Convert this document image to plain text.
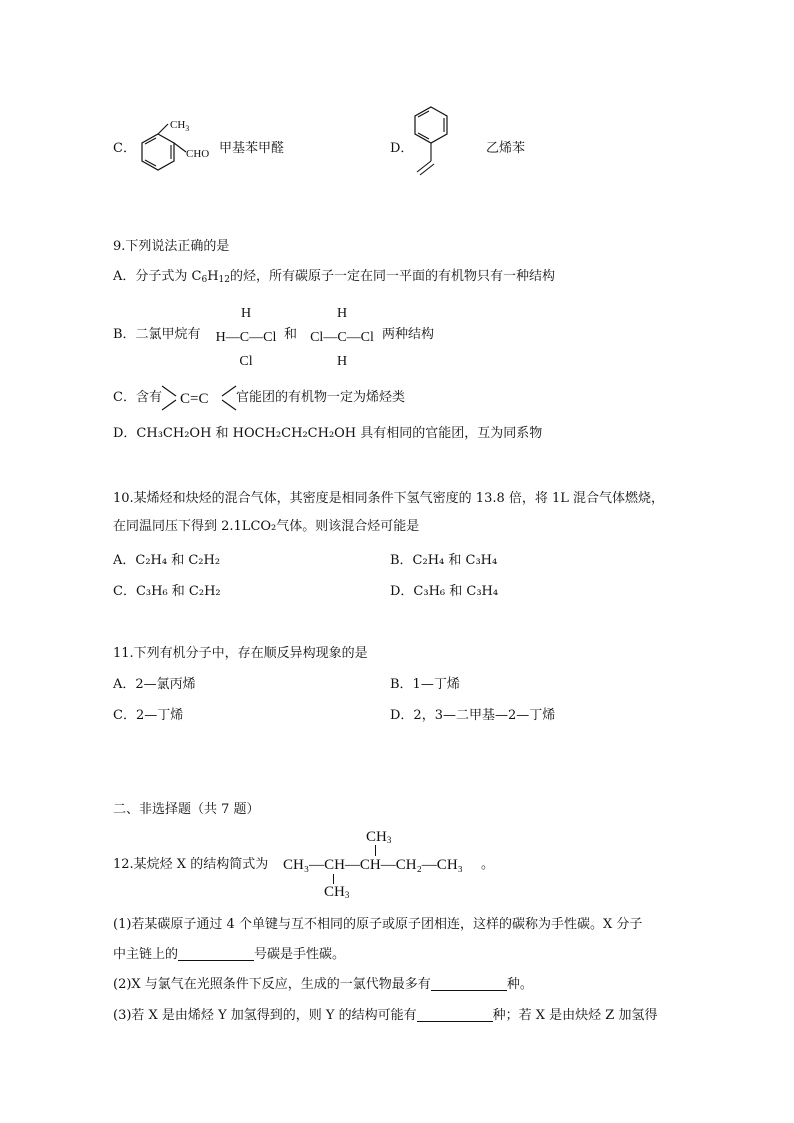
C．
$CH_3$
CHO 甲基苯甲醛	D．	乙烯苯
9.下列说法正确的是
A．分子式为 $C_6H_{12}$的烃，所有碳原子一定在同一平面的有机物只有一种结构
B．二氯甲烷有
H
H—C—Cl
Cl
和
H
Cl—C—Cl
H
两种结构
C．含有 C=C 官能团的有机物一定为烯烃类
D．CH₃CH₂OH 和 HOCH₂CH₂CH₂OH 具有相同的官能团，互为同系物
10.某烯烃和炔烃的混合气体，其密度是相同条件下氢气密度的 13.8 倍，将 1L 混合气体燃烧，
在同温同压下得到 2.1LCO₂气体。则该混合烃可能是
A．C₂H₄ 和 C₂H₂	B．C₂H₄ 和 C₃H₄
C．C₃H₆ 和 C₂H₂	D．C₃H₆ 和 C₃H₄
11.下列有机分子中，存在顺反异构现象的是
A．2—氯丙烯	B．1—丁烯
C．2—丁烯	D．2，3—二甲基—2—丁烯
二、非选择题（共 7 题）
12.某烷烃 X 的结构简式为
$CH_3$
CH₃—CH—CH—CH₂—CH₃
$CH_3$
。
(1)若某碳原子通过 4 个单键与互不相同的原子或原子团相连，这样的碳称为手性碳。X 分子
中主链上的	号碳是手性碳。
(2)X 与氯气在光照条件下反应，生成的一氯代物最多有	种。
(3)若 X 是由烯烃 Y 加氢得到的，则 Y 的结构可能有	种；若 X 是由炔烃 Z 加氢得
